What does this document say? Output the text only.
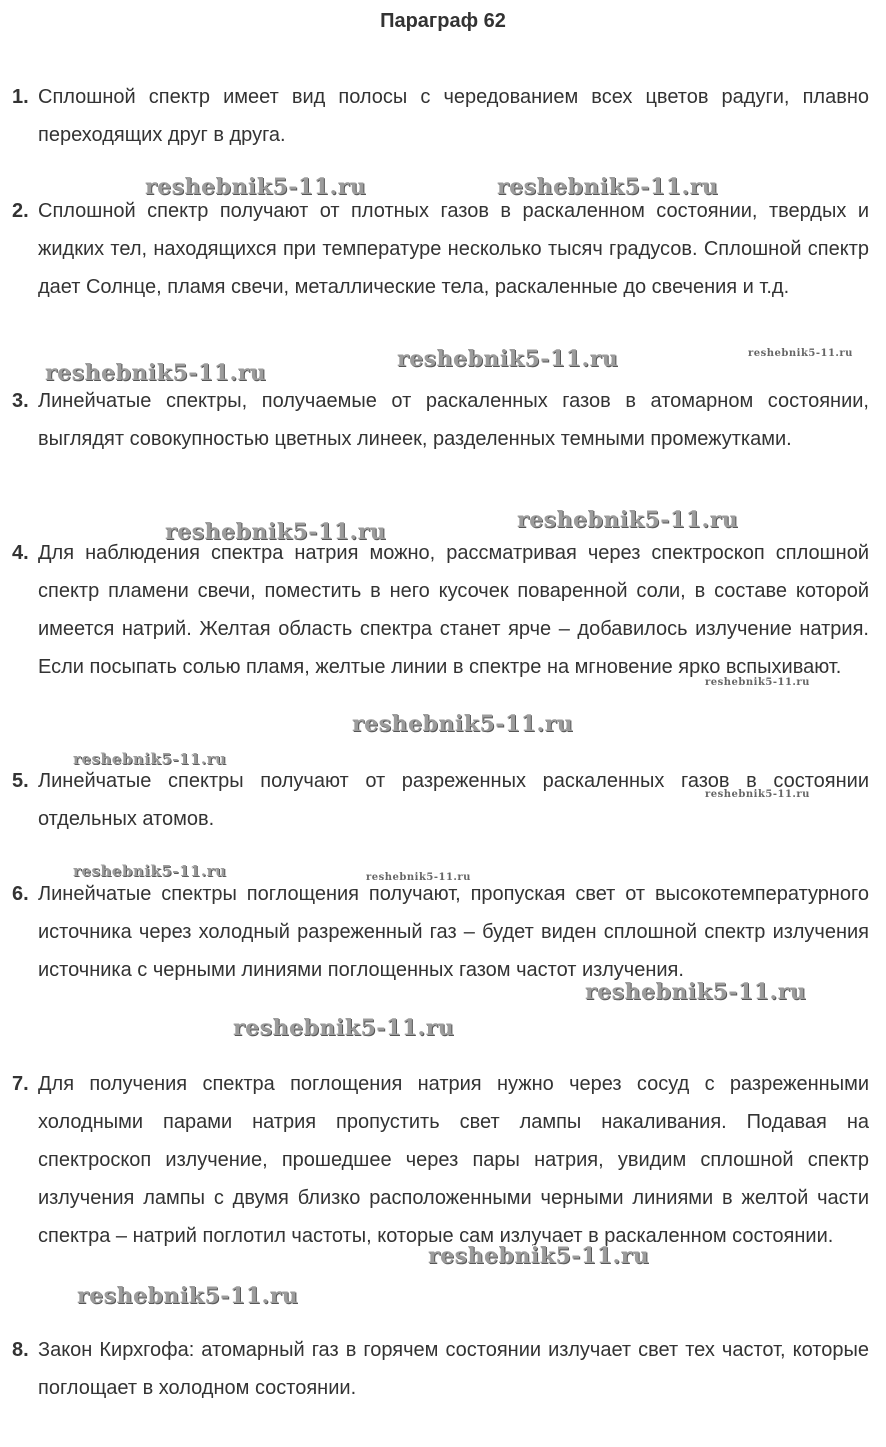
Параграф 62
1. Сплошной спектр имеет вид полосы с чередованием всех цветов радуги, плавно переходящих друг в друга.

2. Сплошной спектр получают от плотных газов в раскаленном состоянии, твердых и жидких тел, находящихся при температуре несколько тысяч градусов. Сплошной спектр дает Солнце, пламя свечи, металлические тела, раскаленные до свечения и т.д.

3. Линейчатые спектры, получаемые от раскаленных газов в атомарном состоянии, выглядят совокупностью цветных линеек, разделенных темными промежутками.

4. Для наблюдения спектра натрия можно, рассматривая через спектроскоп сплошной спектр пламени свечи, поместить в него кусочек поваренной соли, в составе которой имеется натрий. Желтая область спектра станет ярче – добавилось излучение натрия. Если посыпать солью пламя, желтые линии в спектре на мгновение ярко вспыхивают.

5. Линейчатые спектры получают от разреженных раскаленных газов в состоянии отдельных атомов.

6. Линейчатые спектры поглощения получают, пропуская свет от высокотемпературного источника через холодный разреженный газ – будет виден сплошной спектр излучения источника с черными линиями поглощенных газом частот излучения.

7. Для получения спектра поглощения натрия нужно через сосуд с разреженными холодными парами натрия пропустить свет лампы накаливания. Подавая на спектроскоп излучение, прошедшее через пары натрия, увидим сплошной спектр излучения лампы с двумя близко расположенными черными линиями в желтой части спектра – натрий поглотил частоты, которые сам излучает в раскаленном состоянии.

8. Закон Кирхгофа: атомарный газ в горячем состоянии излучает свет тех частот, которые поглощает в холодном состоянии.

reshebnik5-11.ru	reshebnik5-11.ru
reshebnik5-11.ru	reshebnik5-11.ru
reshebnik5-11.ru
reshebnik5-11.ru
reshebnik5-11.ru
reshebnik5-11.ru
reshebnik5-11.ru
reshebnik5-11.ru
reshebnik5-11.ru
reshebnik5-11.ru	reshebnik5-11.ru
reshebnik5-11.ru
reshebnik5-11.ru
reshebnik5-11.ru
reshebnik5-11.ru
